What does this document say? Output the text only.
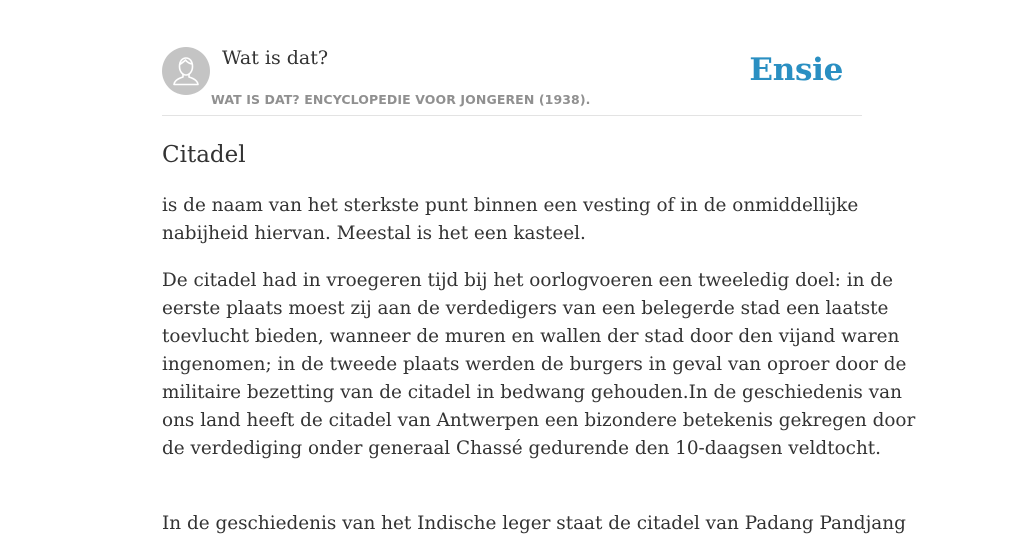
Wat is dat?
WAT IS DAT? ENCYCLOPEDIE VOOR JONGEREN (1938).
Ensie
Citadel

is de naam van het sterkste punt binnen een vesting of in de onmiddellijke
nabijheid hiervan. Meestal is het een kasteel.

De citadel had in vroegeren tijd bij het oorlogvoeren een tweeledig doel: in de
eerste plaats moest zij aan de verdedigers van een belegerde stad een laatste
toevlucht bieden, wanneer de muren en wallen der stad door den vijand waren
ingenomen; in de tweede plaats werden de burgers in geval van oproer door de
militaire bezetting van de citadel in bedwang gehouden.In de geschiedenis van
ons land heeft de citadel van Antwerpen een bizondere betekenis gekregen door
de verdediging onder generaal Chassé gedurende den 10-daagsen veldtocht.

In de geschiedenis van het Indische leger staat de citadel van Padang Pandjang
